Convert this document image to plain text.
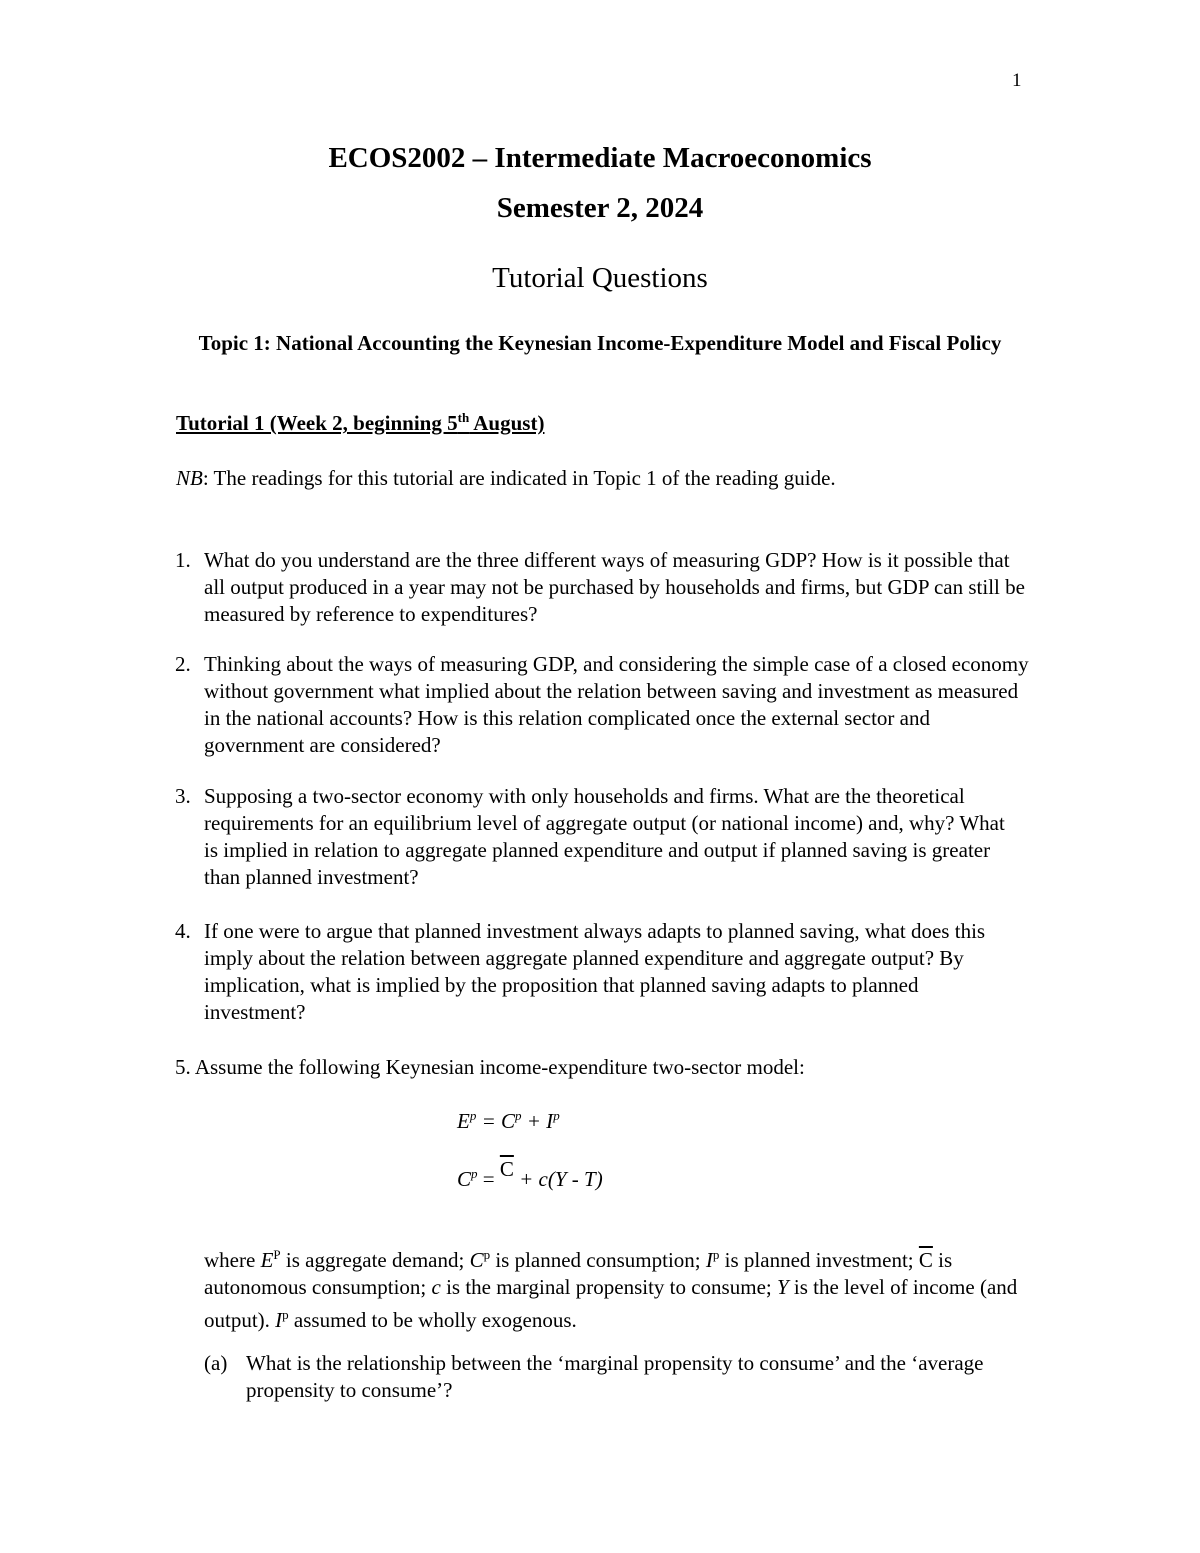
1
ECOS2002 – Intermediate Macroeconomics
Semester 2, 2024
Tutorial Questions
Topic 1: National Accounting the Keynesian Income-Expenditure Model and Fiscal Policy
Tutorial 1 (Week 2, beginning 5th August)
NB: The readings for this tutorial are indicated in Topic 1 of the reading guide.
1. What do you understand are the three different ways of measuring GDP? How is it possible that all output produced in a year may not be purchased by households and firms, but GDP can still be measured by reference to expenditures?
2. Thinking about the ways of measuring GDP, and considering the simple case of a closed economy without government what implied about the relation between saving and investment as measured in the national accounts? How is this relation complicated once the external sector and government are considered?
3. Supposing a two-sector economy with only households and firms. What are the theoretical requirements for an equilibrium level of aggregate output (or national income) and, why? What is implied in relation to aggregate planned expenditure and output if planned saving is greater than planned investment?
4. If one were to argue that planned investment always adapts to planned saving, what does this imply about the relation between aggregate planned expenditure and aggregate output? By implication, what is implied by the proposition that planned saving adapts to planned investment?
5. Assume the following Keynesian income-expenditure two-sector model:
$E^p = C^p + I^p$
$C^p = \overline{C} + c(Y - T)$
where $E^P$ is aggregate demand; $C^p$ is planned consumption; $I^p$ is planned investment; $\overline{C}$ is autonomous consumption; c is the marginal propensity to consume; Y is the level of income (and output). $I^p$ assumed to be wholly exogenous.
(a) What is the relationship between the ‘marginal propensity to consume’ and the ‘average propensity to consume’?
